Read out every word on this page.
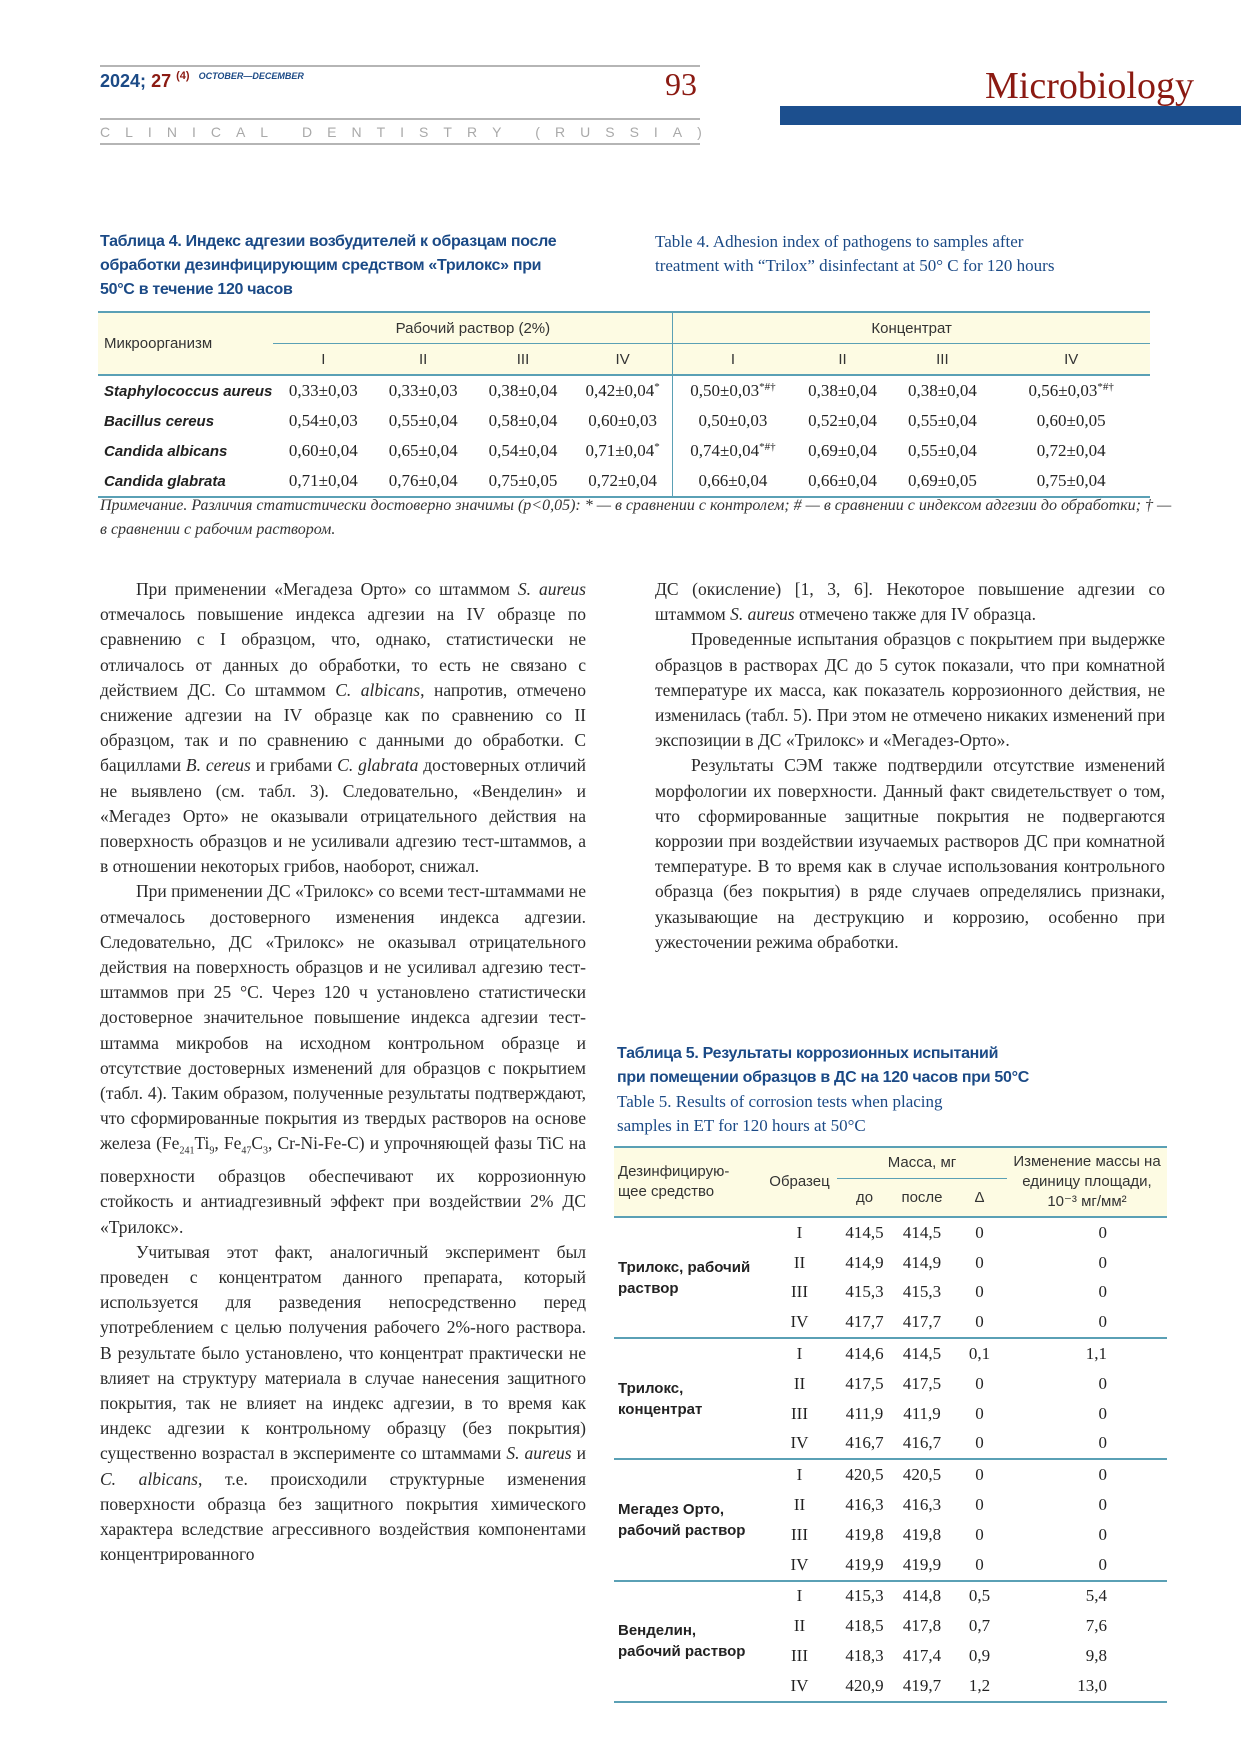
2024; 27 $^{(4)}$ $^{OCTOBER—DECEMBER}$	93
C L I N I C A L
D E N T I S T R Y
( R U S S I A )
Microbiology
Таблица 4. Индекс адгезии возбудителей к образцам после
обработки дезинфицирующим средством «Трилокс» при
50°C в течение 120 часов
Table 4. Adhesion index of pathogens to samples after
treatment with “Trilox” disinfectant at 50° C for 120 hours
Микроорганизм	Рабочий раствор (2%)				Концентрат			
	I	II	III	IV	I	II	III	IV
Staphylococcus aureus	0,33±0,03	0,33±0,03	0,38±0,04	0,42±0,04*	0,50±0,03*#†	0,38±0,04	0,38±0,04	0,56±0,03*#†
Bacillus cereus	0,54±0,03	0,55±0,04	0,58±0,04	0,60±0,03	0,50±0,03	0,52±0,04	0,55±0,04	0,60±0,05
Candida albicans	0,60±0,04	0,65±0,04	0,54±0,04	0,71±0,04*	0,74±0,04*#†	0,69±0,04	0,55±0,04	0,72±0,04
Candida glabrata	0,71±0,04	0,76±0,04	0,75±0,05	0,72±0,04	0,66±0,04	0,66±0,04	0,69±0,05	0,75±0,04
Примечание. Различия статистически достоверно значимы (p<0,05): * — в сравнении с контролем; # — в сравнении с индексом адгезии до обработки; † — в сравнении с рабочим раствором.

При применении «Мегадеза Орто» со штаммом S. aureus отмечалось повышение индекса адгезии на IV образце по сравнению с I образцом, что, однако, статистически не отличалось от данных до обработки, то есть не связано с действием ДС. Со штаммом C. albicans, напротив, отмечено снижение адгезии на IV образце как по сравнению со II образцом, так и по сравнению с данными до обработки. С бациллами B. cereus и грибами C. glabrata достоверных отличий не выявлено (см. табл. 3). Следовательно, «Венделин» и «Мегадез Орто» не оказывали отрицательного действия на поверхность образцов и не усиливали адгезию тест-штаммов, а в отношении некоторых грибов, наоборот, снижал.

При применении ДС «Трилокс» со всеми тест-штаммами не отмечалось достоверного изменения индекса адгезии. Следовательно, ДС «Трилокс» не оказывал отрицательного действия на поверхность образцов и не усиливал адгезию тест-штаммов при 25 °C. Через 120 ч установлено статистически достоверное значительное повышение индекса адгезии тест-штамма микробов на исходном контрольном образце и отсутствие достоверных изменений для образцов с покрытием (табл. 4). Таким образом, полученные результаты подтверждают, что сформированные покрытия из твердых растворов на основе железа ($Fe_{241}Ti_9$, $Fe_{47}C_3$, Cr-Ni-Fe-C) и упрочняющей фазы TiC на поверхности образцов обеспечивают их коррозионную стойкость и антиадгезивный эффект при воздействии 2% ДС «Трилокс».

Учитывая этот факт, аналогичный эксперимент был проведен с концентратом данного препарата, который используется для разведения непосредственно перед употреблением с целью получения рабочего 2%-ного раствора. В результате было установлено, что концентрат практически не влияет на структуру материала в случае нанесения защитного покрытия, так не влияет на индекс адгезии, в то время как индекс адгезии к контрольному образцу (без покрытия) существенно возрастал в эксперименте со штаммами S. aureus и C. albicans, т.е. происходили структурные изменения поверхности образца без защитного покрытия химического характера вследствие агрессивного воздействия компонентами концентрированного

ДС (окисление) [1, 3, 6]. Некоторое повышение адгезии со штаммом S. aureus отмечено также для IV образца.

Проведенные испытания образцов с покрытием при выдержке образцов в растворах ДС до 5 суток показали, что при комнатной температуре их масса, как показатель коррозионного действия, не изменилась (табл. 5). При этом не отмечено никаких изменений при экспозиции в ДС «Трилокс» и «Мегадез-Орто».

Результаты СЭМ также подтвердили отсутствие изменений морфологии их поверхности. Данный факт свидетельствует о том, что сформированные защитные покрытия не подвергаются коррозии при воздействии изучаемых растворов ДС при комнатной температуре. В то время как в случае использования контрольного образца (без покрытия) в ряде случаев определялись признаки, указывающие на деструкцию и коррозию, особенно при ужесточении режима обработки.

Таблица 5. Результаты коррозионных испытаний
при помещении образцов в ДС на 120 часов при 50°C
Table 5. Results of corrosion tests when placing
samples in ET for 120 hours at 50°C
Дезинфицирую-щее средство	Образец	Масса, мг			Изменение массы на единицу площади, 10⁻³ мг/мм²
		до	после	Δ	
Трилокс, рабочий раствор	I	414,5	414,5	0	0
	II	414,9	414,9	0	0
	III	415,3	415,3	0	0
	IV	417,7	417,7	0	0
Трилокс, концентрат	I	414,6	414,5	0,1	1,1
	II	417,5	417,5	0	0
	III	411,9	411,9	0	0
	IV	416,7	416,7	0	0
Мегадез Орто, рабочий раствор	I	420,5	420,5	0	0
	II	416,3	416,3	0	0
	III	419,8	419,8	0	0
	IV	419,9	419,9	0	0
Венделин, рабочий раствор	I	415,3	414,8	0,5	5,4
	II	418,5	417,8	0,7	7,6
	III	418,3	417,4	0,9	9,8
	IV	420,9	419,7	1,2	13,0
